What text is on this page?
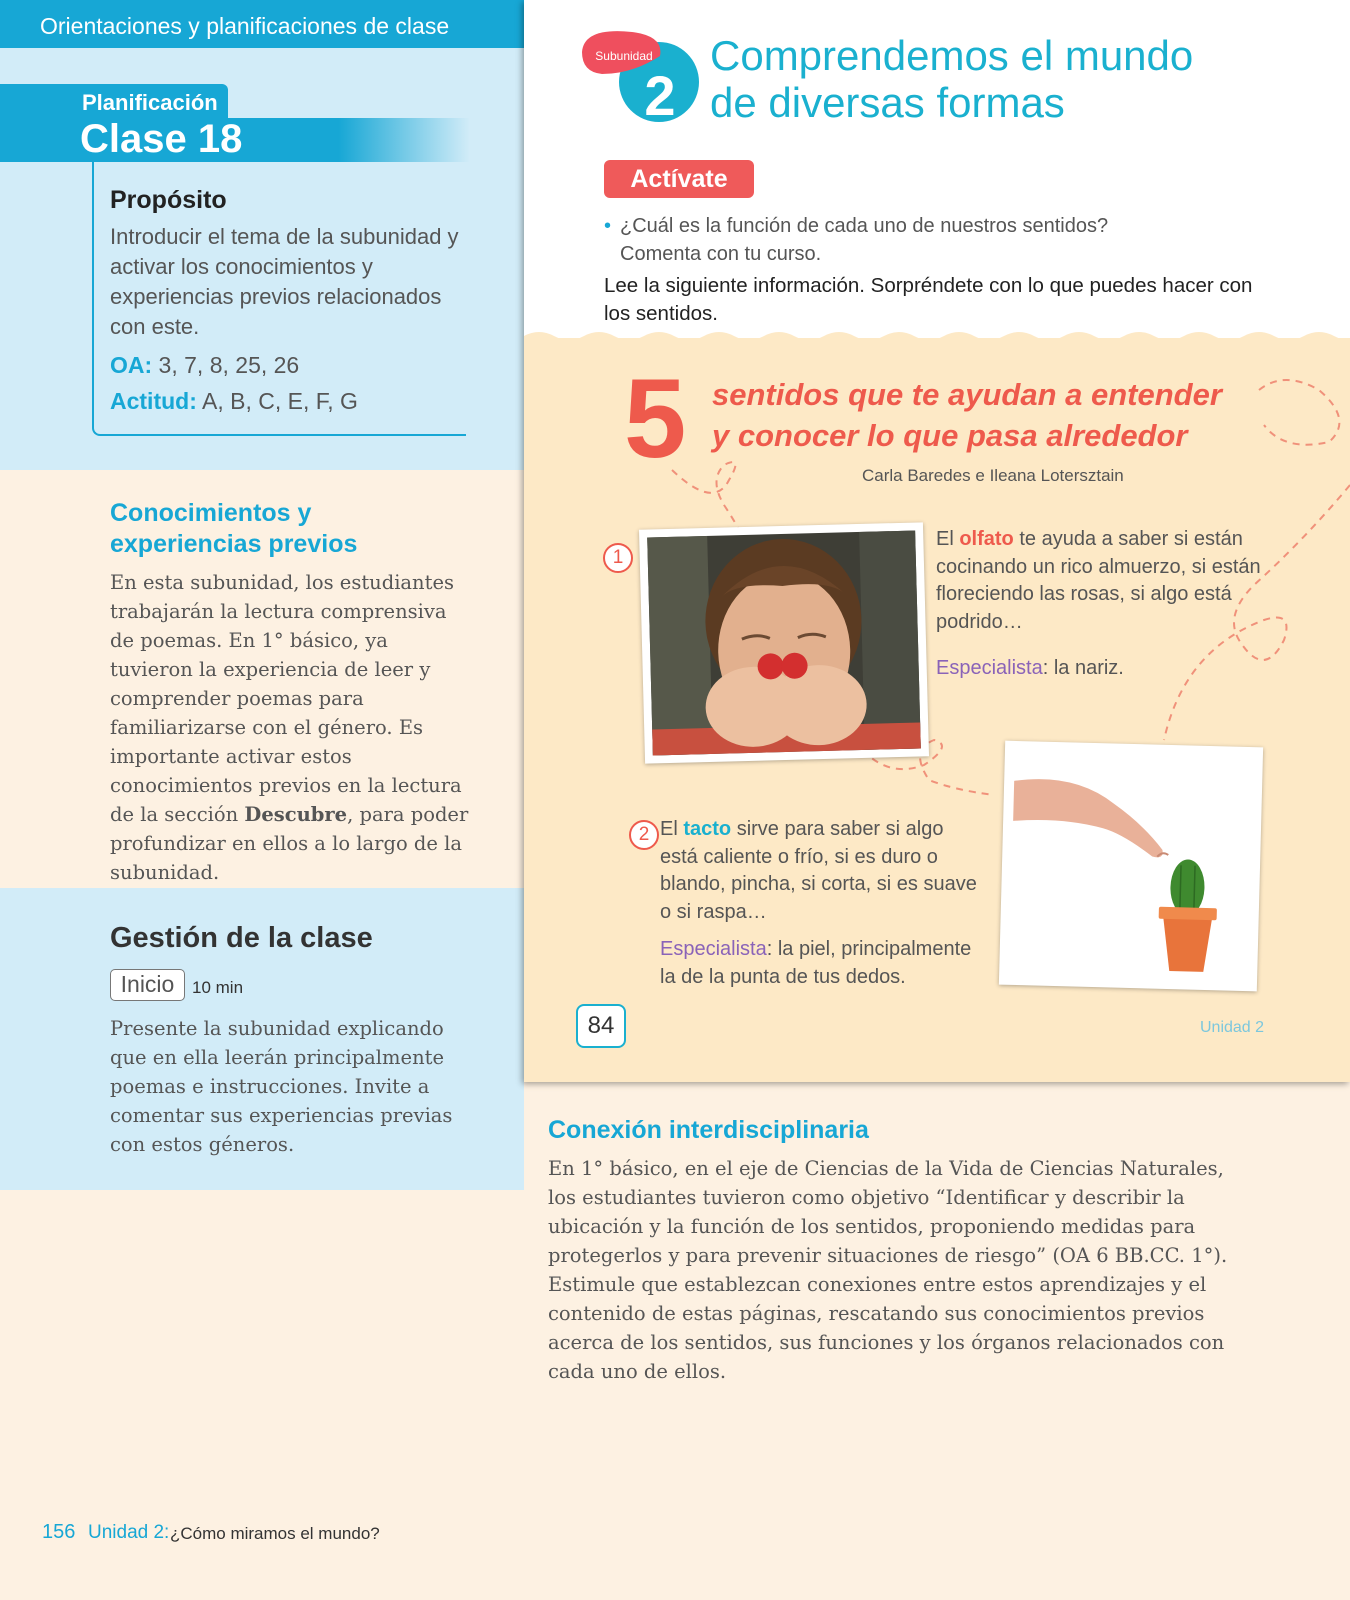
Orientaciones y planificaciones de clase
Planificación
Clase 18
Propósito
Introducir el tema de la subunidad y activar los conocimientos y experiencias previos relacionados con este.
OA: 3, 7, 8, 25, 26
Actitud: A, B, C, E, F, G
Conocimientos y experiencias previos
En esta subunidad, los estudiantes trabajarán la lectura comprensiva de poemas. En 1° básico, ya tuvieron la experiencia de leer y comprender poemas para familiarizarse con el género. Es importante activar estos conocimientos previos en la lectura de la sección Descubre, para poder profundizar en ellos a lo largo de la subunidad.
Gestión de la clase
Inicio	10 min
Presente la subunidad explicando que en ella leerán principalmente poemas e instrucciones. Invite a comentar sus experiencias previas con estos géneros.
156 Unidad 2: ¿Cómo miramos el mundo?
Subunidad
2
Comprendemos el mundo
de diversas formas
Actívate
• ¿Cuál es la función de cada uno de nuestros sentidos? Comenta con tu curso.
Lee la siguiente información. Sorpréndete con lo que puedes hacer con los sentidos.
5 sentidos que te ayudan a entender
y conocer lo que pasa alrededor
Carla Baredes e Ileana Lotersztain
1
El olfato te ayuda a saber si están cocinando un rico almuerzo, si están floreciendo las rosas, si algo está podrido…
Especialista: la nariz.
2 El tacto sirve para saber si algo está caliente o frío, si es duro o blando, pincha, si corta, si es suave o si raspa…
Especialista: la piel, principalmente la de la punta de tus dedos.
84	Unidad 2
Conexión interdisciplinaria
En 1° básico, en el eje de Ciencias de la Vida de Ciencias Naturales, los estudiantes tuvieron como objetivo “Identificar y describir la ubicación y la función de los sentidos, proponiendo medidas para protegerlos y para prevenir situaciones de riesgo” (OA 6 BB.CC. 1°). Estimule que establezcan conexiones entre estos aprendizajes y el contenido de estas páginas, rescatando sus conocimientos previos acerca de los sentidos, sus funciones y los órganos relacionados con cada uno de ellos.
